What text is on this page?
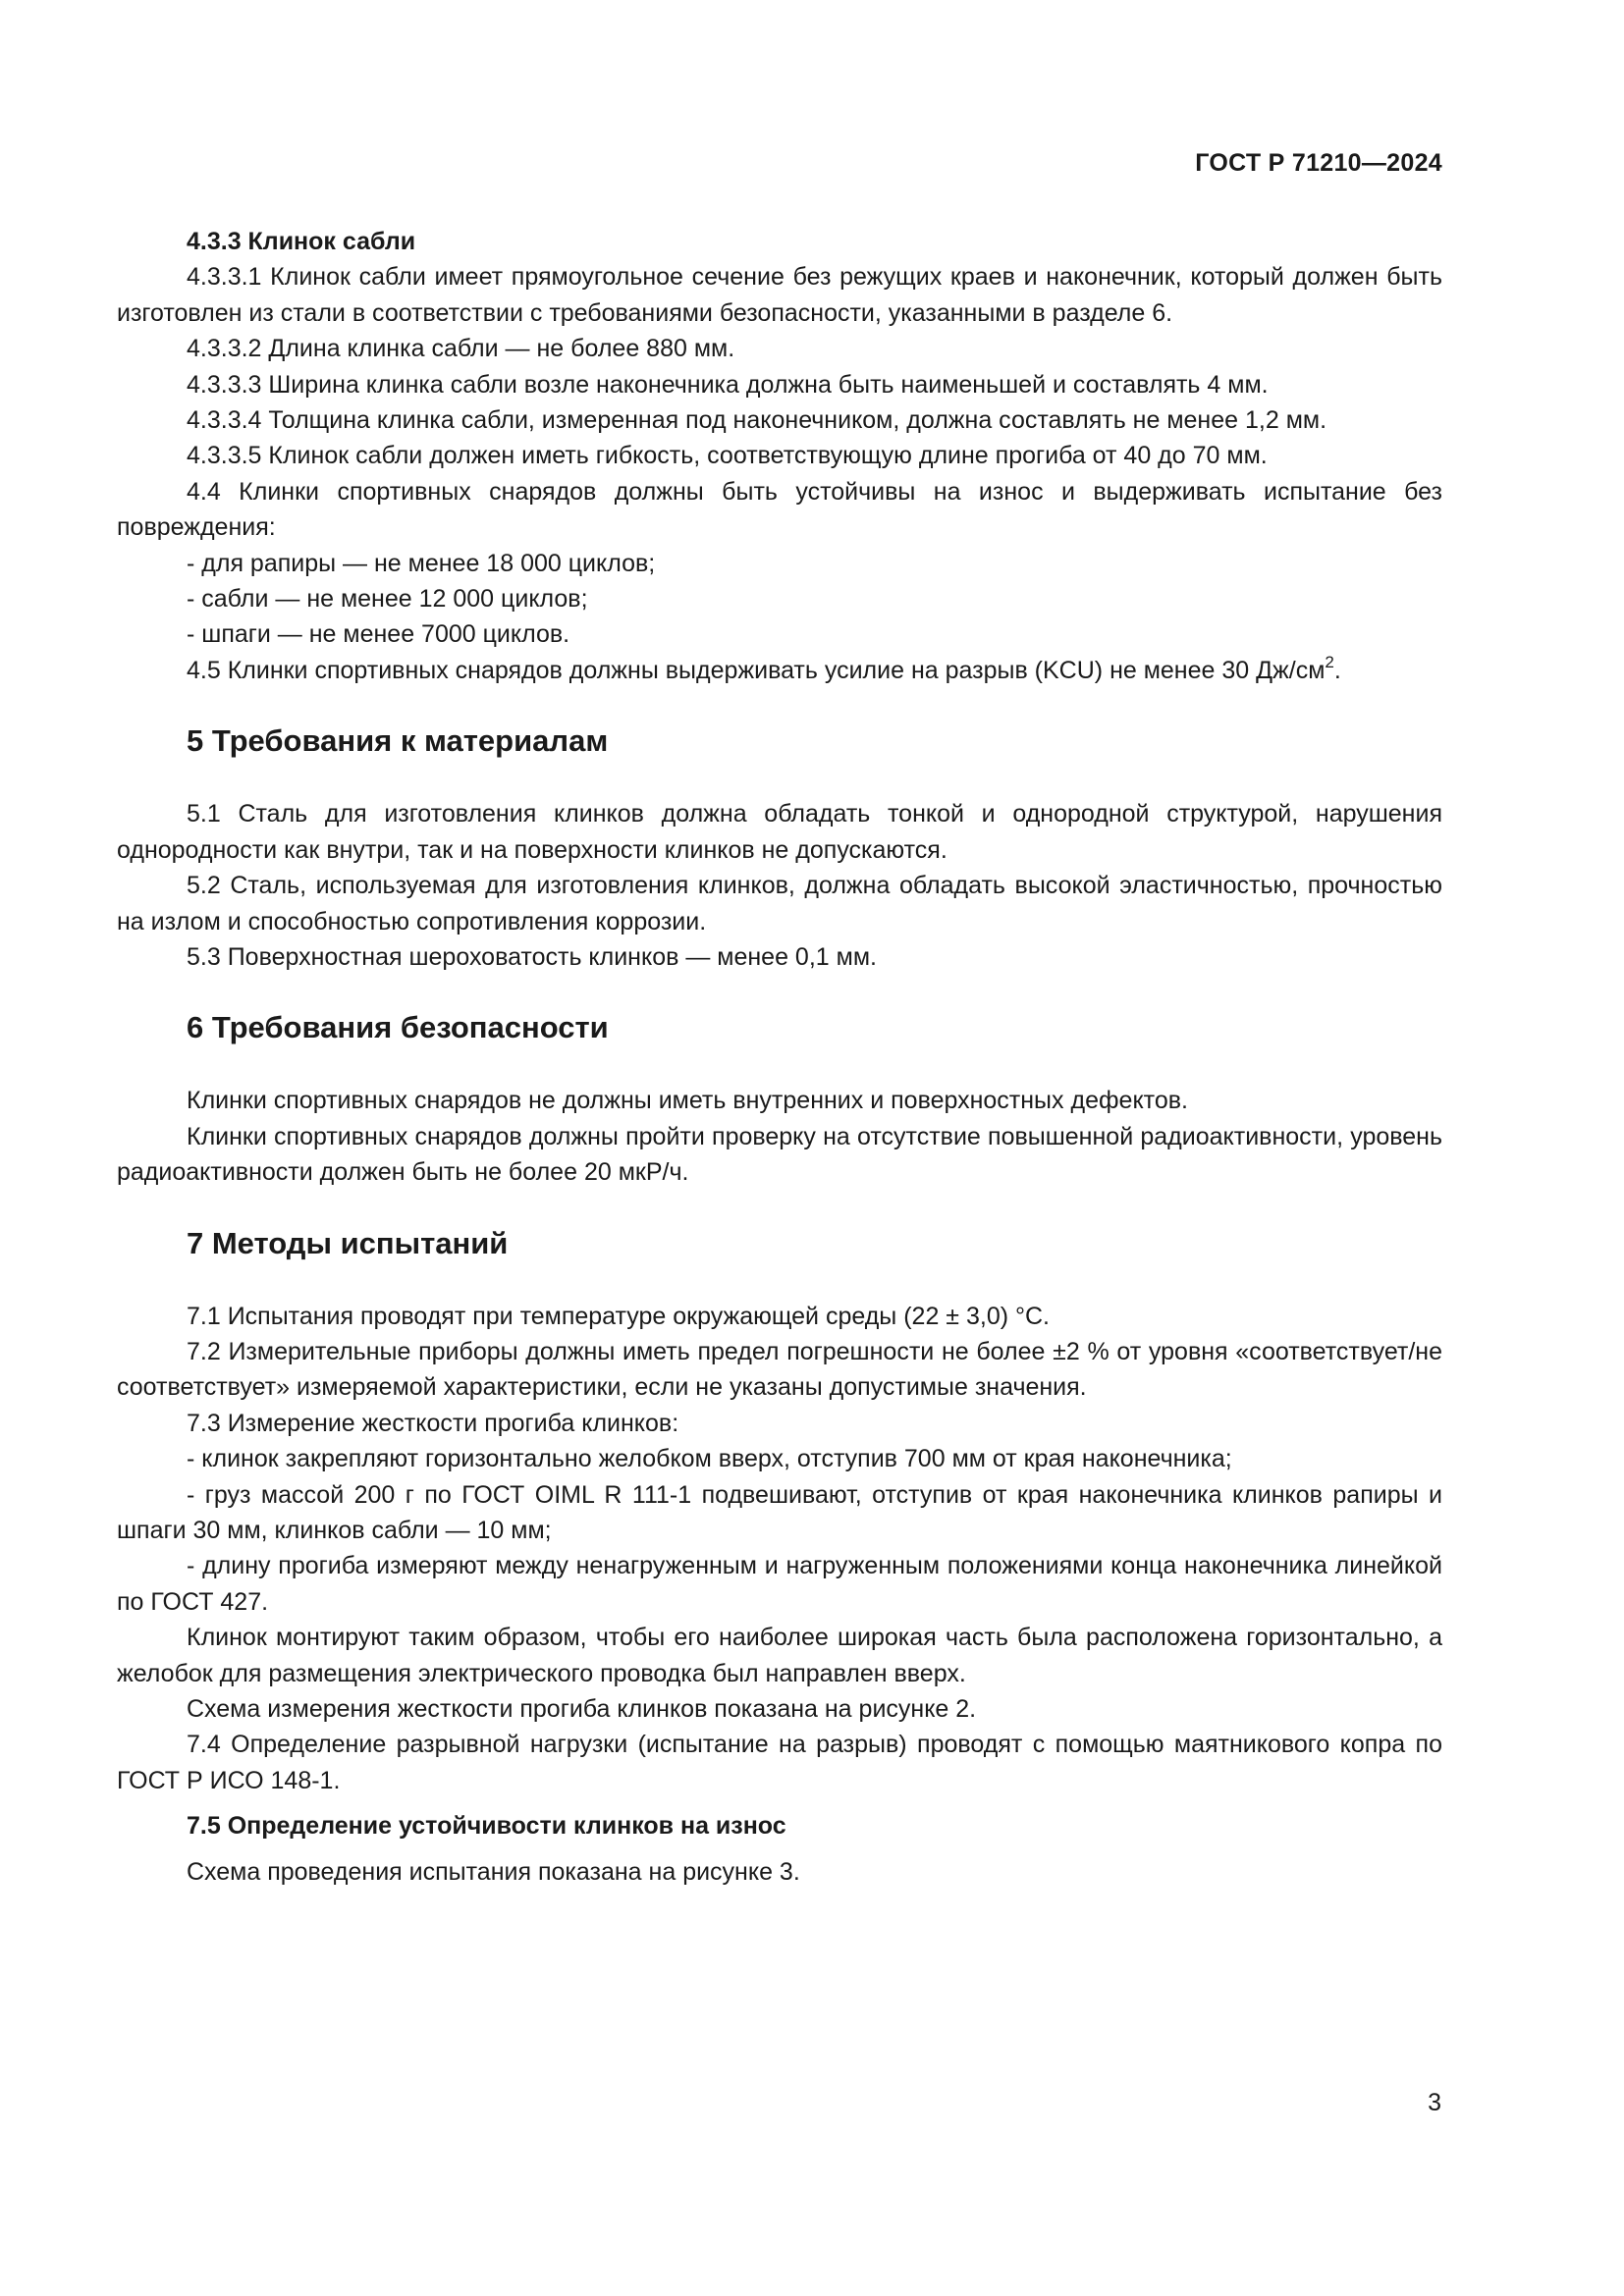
ГОСТ Р 71210—2024

4.3.3 Клинок сабли

4.3.3.1 Клинок сабли имеет прямоугольное сечение без режущих краев и наконечник, который должен быть изготовлен из стали в соответствии с требованиями безопасности, указанными в разделе 6.

4.3.3.2 Длина клинка сабли — не более 880 мм.

4.3.3.3 Ширина клинка сабли возле наконечника должна быть наименьшей и составлять 4 мм.

4.3.3.4 Толщина клинка сабли, измеренная под наконечником, должна составлять не менее 1,2 мм.

4.3.3.5 Клинок сабли должен иметь гибкость, соответствующую длине прогиба от 40 до 70 мм.

4.4 Клинки спортивных снарядов должны быть устойчивы на износ и выдерживать испытание без повреждения:

- для рапиры — не менее 18 000 циклов;

- сабли — не менее 12 000 циклов;

- шпаги — не менее 7000 циклов.

4.5 Клинки спортивных снарядов должны выдерживать усилие на разрыв (KCU) не менее 30 $Дж/см^2$.

5 Требования к материалам

5.1 Сталь для изготовления клинков должна обладать тонкой и однородной структурой, нарушения однородности как внутри, так и на поверхности клинков не допускаются.

5.2 Сталь, используемая для изготовления клинков, должна обладать высокой эластичностью, прочностью на излом и способностью сопротивления коррозии.

5.3 Поверхностная шероховатость клинков — менее 0,1 мм.

6 Требования безопасности

Клинки спортивных снарядов не должны иметь внутренних и поверхностных дефектов.

Клинки спортивных снарядов должны пройти проверку на отсутствие повышенной радиоактивности, уровень радиоактивности должен быть не более 20 мкР/ч.

7 Методы испытаний

7.1 Испытания проводят при температуре окружающей среды (22 ± 3,0) °С.

7.2 Измерительные приборы должны иметь предел погрешности не более ±2 % от уровня «соответствует/не соответствует» измеряемой характеристики, если не указаны допустимые значения.

7.3 Измерение жесткости прогиба клинков:

- клинок закрепляют горизонтально желобком вверх, отступив 700 мм от края наконечника;

- груз массой 200 г по ГОСТ OIML R 111-1 подвешивают, отступив от края наконечника клинков рапиры и шпаги 30 мм, клинков сабли — 10 мм;

- длину прогиба измеряют между ненагруженным и нагруженным положениями конца наконечника линейкой по ГОСТ 427.

Клинок монтируют таким образом, чтобы его наиболее широкая часть была расположена горизонтально, а желобок для размещения электрического проводка был направлен вверх.

Схема измерения жесткости прогиба клинков показана на рисунке 2.

7.4 Определение разрывной нагрузки (испытание на разрыв) проводят с помощью маятникового копра по ГОСТ Р ИСО 148-1.

7.5 Определение устойчивости клинков на износ

Схема проведения испытания показана на рисунке 3.

3
